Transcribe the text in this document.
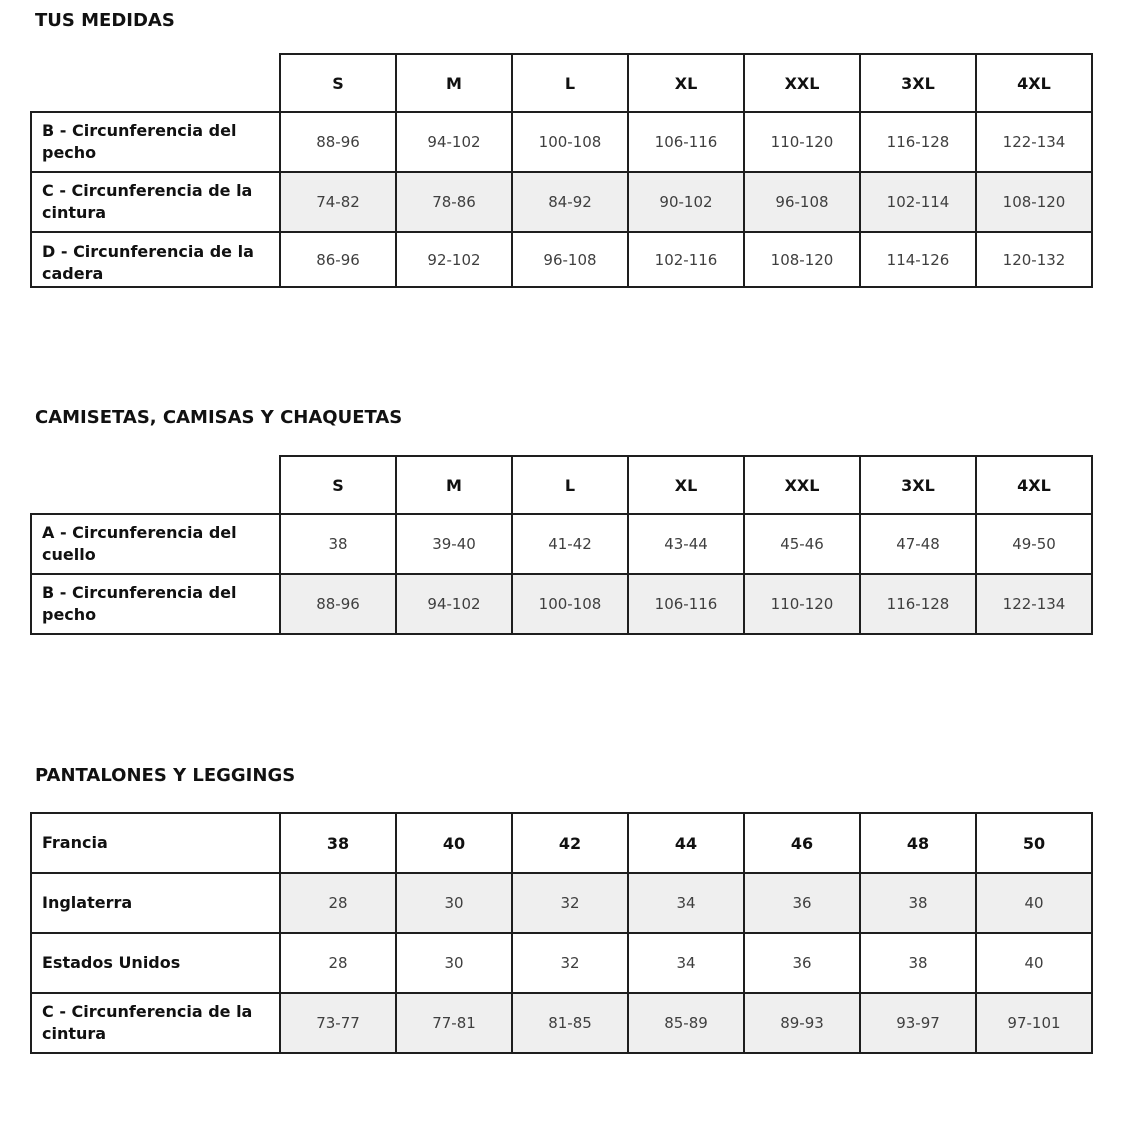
TUS MEDIDAS
	S	M	L	XL	XXL	3XL	4XL
B - Circunferencia del pecho	88-96	94-102	100-108	106-116	110-120	116-128	122-134
C - Circunferencia de la cintura	74-82	78-86	84-92	90-102	96-108	102-114	108-120

D - Circunferencia de la cadera	86-96	92-102	96-108	102-116	108-120	114-126	120-132
CAMISETAS, CAMISAS Y CHAQUETAS
	S	M	L	XL	XXL	3XL	4XL
A - Circunferencia del cuello	38	39-40	41-42	43-44	45-46	47-48	49-50
B - Circunferencia del pecho	88-96	94-102	100-108	106-116	110-120	116-128	122-134
PANTALONES Y LEGGINGS
Francia	38	40	42	44	46	48	50
Inglaterra	28	30	32	34	36	38	40
Estados Unidos	28	30	32	34	36	38	40
C - Circunferencia de la cintura	73-77	77-81	81-85	85-89	89-93	93-97	97-101
